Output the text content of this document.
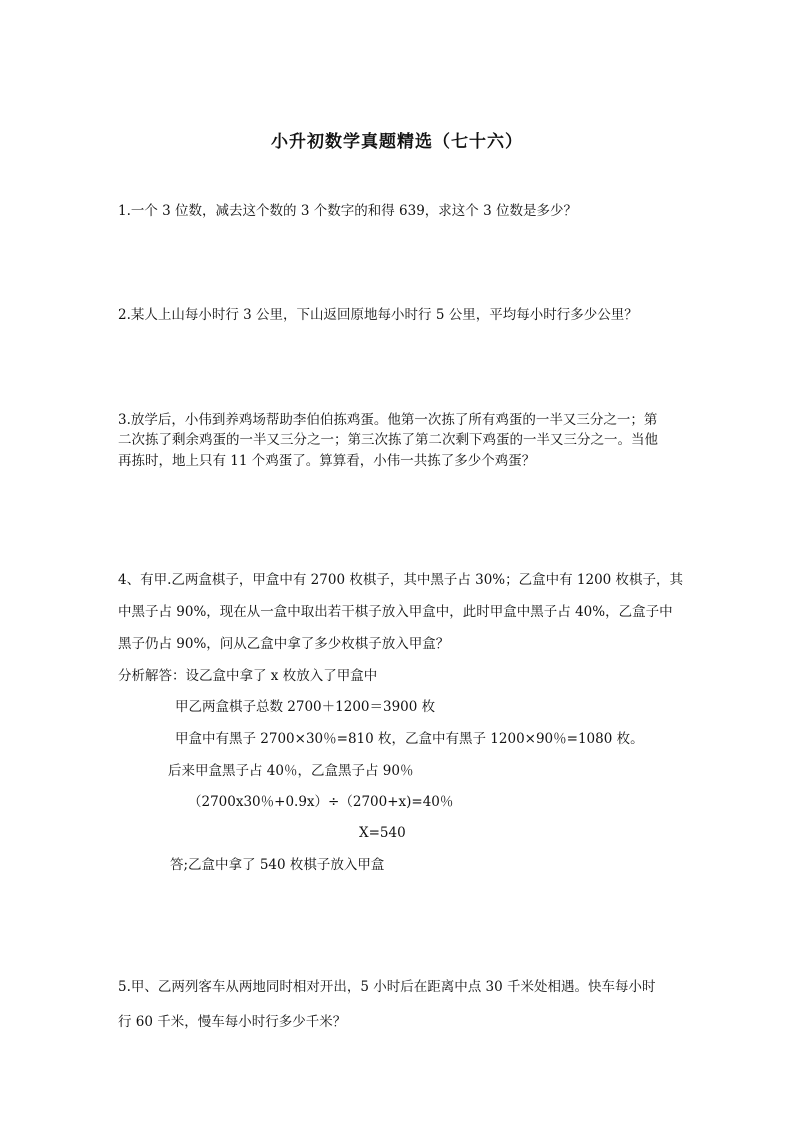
小升初数学真题精选（七十六）
1.一个 3 位数，减去这个数的 3 个数字的和得 639，求这个 3 位数是多少？
2.某人上山每小时行 3 公里，下山返回原地每小时行 5 公里，平均每小时行多少公里？
3.放学后，小伟到养鸡场帮助李伯伯拣鸡蛋。他第一次拣了所有鸡蛋的一半又三分之一；第
二次拣了剩余鸡蛋的一半又三分之一；第三次拣了第二次剩下鸡蛋的一半又三分之一。当他
再拣时，地上只有 11 个鸡蛋了。算算看，小伟一共拣了多少个鸡蛋？
4、有甲.乙两盒棋子，甲盒中有 2700 枚棋子，其中黑子占 30%；乙盒中有 1200 枚棋子，其
中黑子占 90%，现在从一盒中取出若干棋子放入甲盒中，此时甲盒中黑子占 40%，乙盒子中
黑子仍占 90%，问从乙盒中拿了多少枚棋子放入甲盒？
分析解答：设乙盒中拿了 x 枚放入了甲盒中
甲乙两盒棋子总数 2700＋1200＝3900 枚
甲盒中有黑子 2700×30％=810 枚，乙盒中有黑子 1200×90％=1080 枚。
后来甲盒黑子占 40％，乙盒黑子占 90％
（2700x30％+0.9x）÷（2700+x)=40％
X=540
答;乙盒中拿了 540 枚棋子放入甲盒
5.甲、乙两列客车从两地同时相对开出，5 小时后在距离中点 30 千米处相遇。快车每小时
行 60 千米，慢车每小时行多少千米？
